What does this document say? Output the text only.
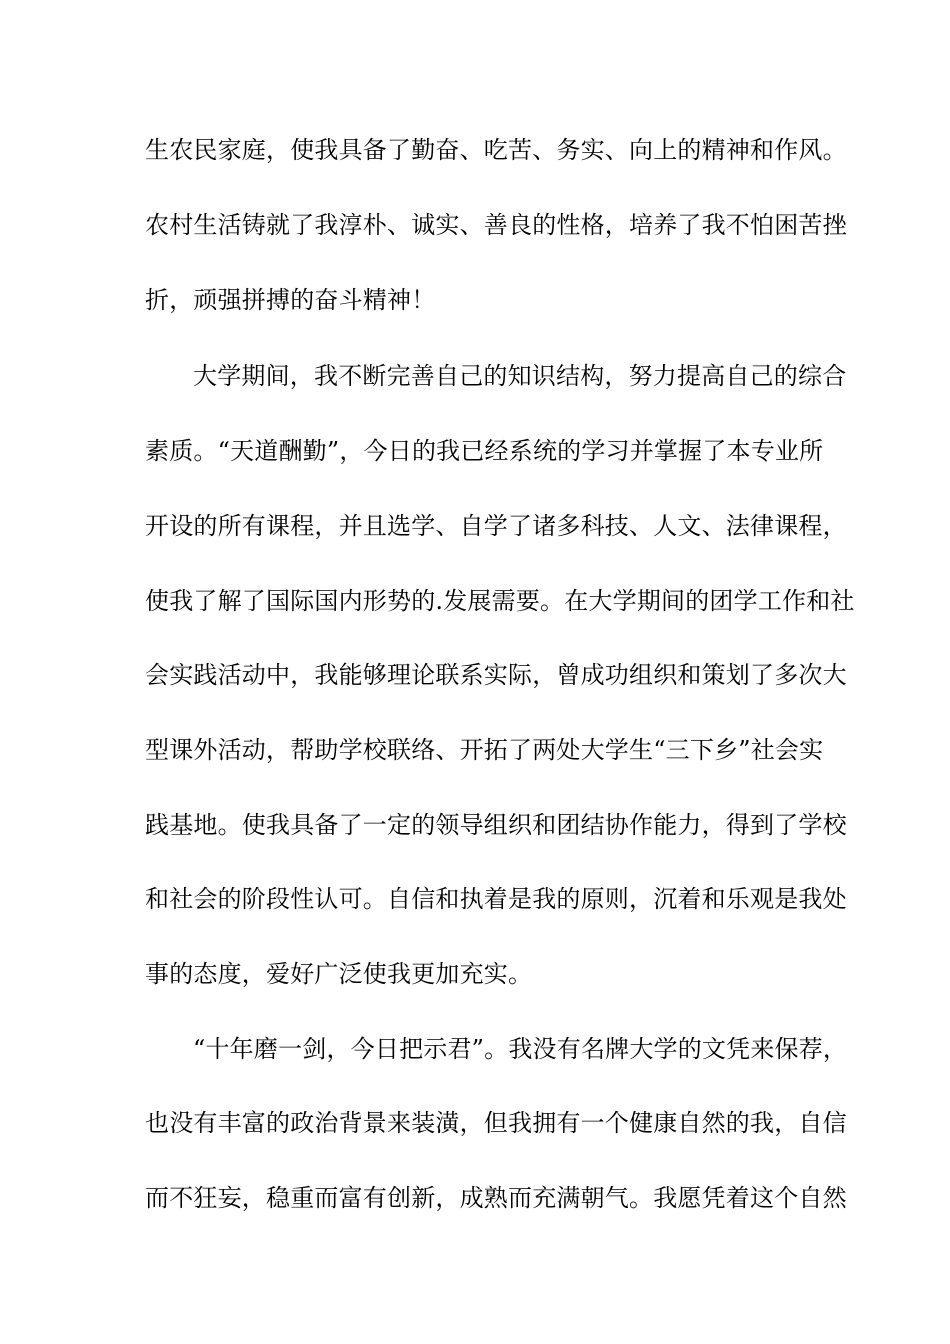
生农民家庭，使我具备了勤奋、吃苦、务实、向上的精神和作风。
农村生活铸就了我淳朴、诚实、善良的性格，培养了我不怕困苦挫
折，顽强拼搏的奋斗精神！
大学期间，我不断完善自己的知识结构，努力提高自己的综合
素质。“天道酬勤”，今日的我已经系统的学习并掌握了本专业所
开设的所有课程，并且选学、自学了诸多科技、人文、法律课程，
使我了解了国际国内形势的.发展需要。在大学期间的团学工作和社
会实践活动中，我能够理论联系实际，曾成功组织和策划了多次大
型课外活动，帮助学校联络、开拓了两处大学生“三下乡”社会实
践基地。使我具备了一定的领导组织和团结协作能力，得到了学校
和社会的阶段性认可。自信和执着是我的原则，沉着和乐观是我处
事的态度，爱好广泛使我更加充实。
“十年磨一剑，今日把示君”。我没有名牌大学的文凭来保荐，
也没有丰富的政治背景来装潢，但我拥有一个健康自然的我，自信
而不狂妄，稳重而富有创新，成熟而充满朝气。我愿凭着这个自然
